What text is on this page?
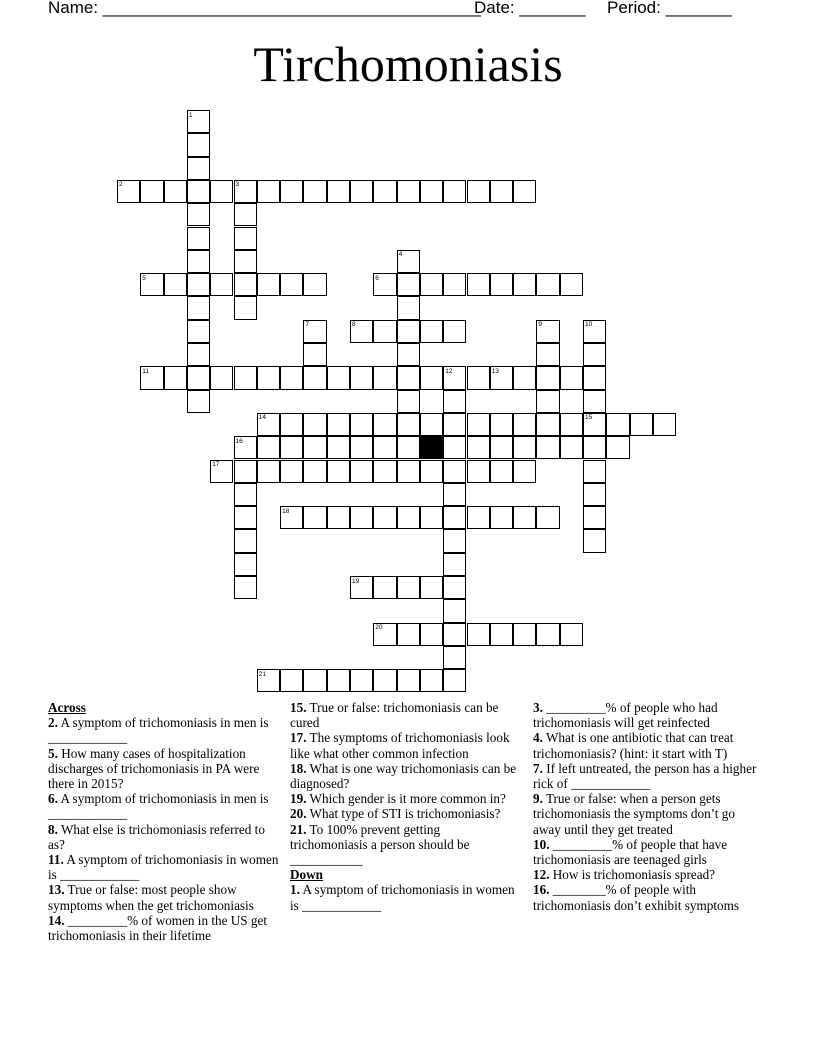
Name: ________________________________________
Date: _______ Period: _______
Tirchomoniasis
2	3
5	6
8
11	12	13
14	15
16
17
18
19
20
21
1
4
7	9	10
Across
2. A symptom of trichomoniasis in men is ____________
5. How many cases of hospitalization discharges of trichomoniasis in PA were there in 2015?
6. A symptom of trichomoniasis in men is ____________
8. What else is trichomoniasis referred to as?
11. A symptom of trichomoniasis in women is ____________
13. True or false: most people show symptoms when the get trichomoniasis
14. _________% of women in the US get trichomoniasis in their lifetime
15. True or false: trichomoniasis can be cured
17. The symptoms of trichomoniasis look like what other common infection
18. What is one way trichomoniasis can be diagnosed?
19. Which gender is it more common in?
20. What type of STI is trichomoniasis?
21. To 100% prevent getting trichomoniasis a person should be ___________
Down
1. A symptom of trichomoniasis in women is ____________
3. _________% of people who had trichomoniasis will get reinfected
4. What is one antibiotic that can treat trichomoniasis? (hint: it start with T)
7. If left untreated, the person has a higher rick of ____________
9. True or false: when a person gets trichomoniasis the symptoms don’t go away until they get treated
10. _________% of people that have trichomoniasis are teenaged girls
12. How is trichomoniasis spread?
16. ________% of people with trichomoniasis don’t exhibit symptoms
